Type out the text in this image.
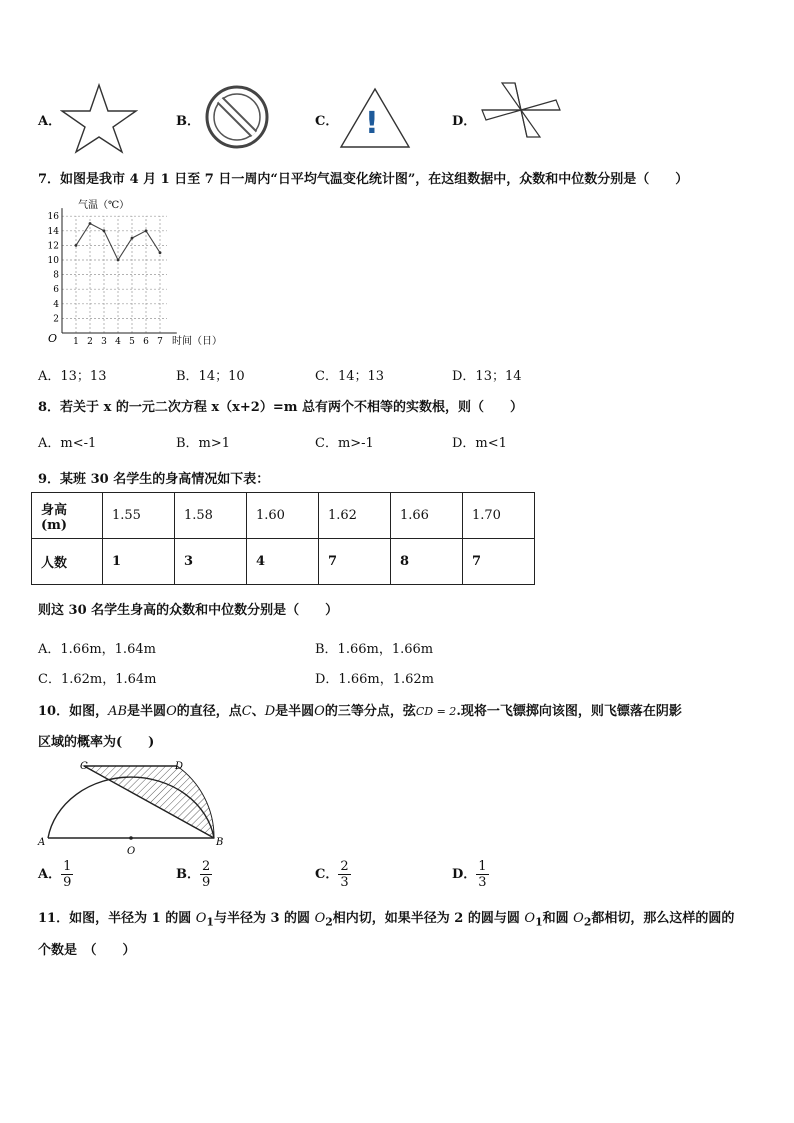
A．	B．	C． !	D．
7．如图是我市 4 月 1 日至 7 日一周内“日平均气温变化统计图”，在这组数据中，众数和中位数分别是（　　）
2
4
6
8
10
12
14
16
1 2 3 4 5 6 7
气温（℃）
时间（日）
O
A．13；13	B．14；10	C．14；13	D．13；14
8．若关于 x 的一元二次方程 x（x+2）=m 总有两个不相等的实数根，则（　　）
A．m<-1	B．m>1	C．m>-1	D．m<1
9．某班 30 名学生的身高情况如下表：
身高(m)	1.55	1.58	1.60	1.62	1.66	1.70
人数	1	3	4	7	8	7
则这 30 名学生身高的众数和中位数分别是（　　）
A．1.66m，1.64m	B．1.66m，1.66m
C．1.62m，1.64m	D．1.66m，1.62m
10．如图，AB是半圆O的直径，点C、D是半圆O的三等分点，弦CD = 2.现将一飞镖掷向该图，则飞镖落在阴影
区域的概率为(　　)
A	B
C	D
O
A． $\frac{1}{9}$	B． $\frac{2}{9}$	C． $\frac{2}{3}$	D． $\frac{1}{3}$
11．如图，半径为 1 的圆 $O_1$与半径为 3 的圆 $O_2$相内切，如果半径为 2 的圆与圆 $O_1$和圆 $O_2$都相切，那么这样的圆的
个数是　（　　）
